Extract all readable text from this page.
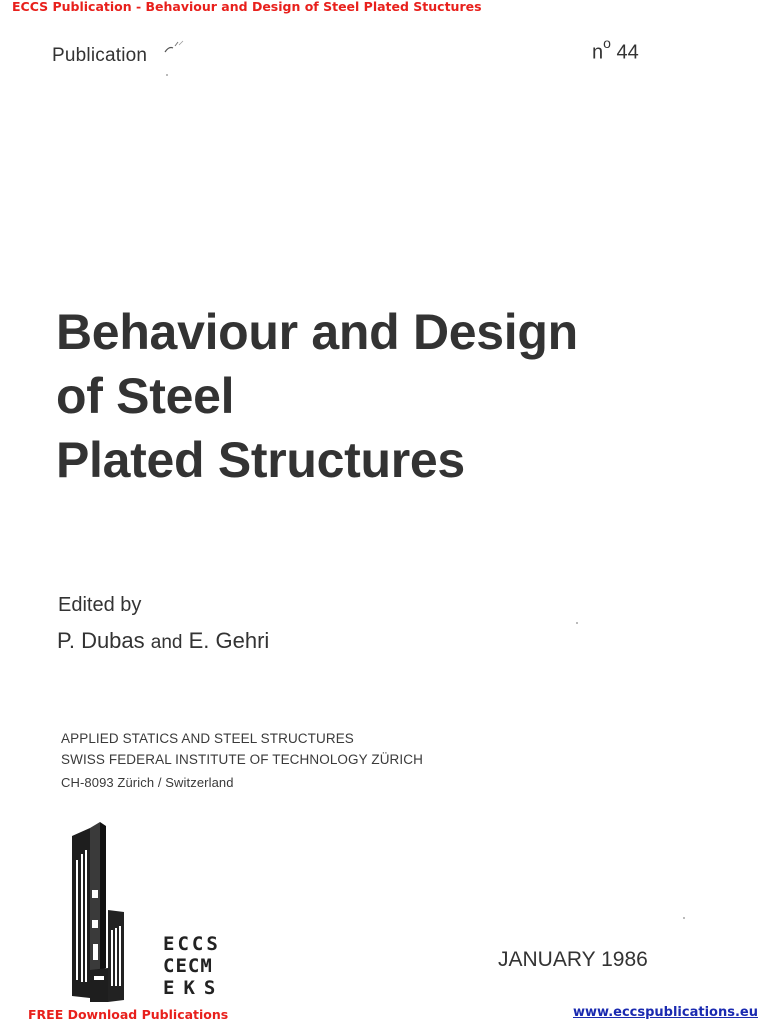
ECCS Publication - Behaviour and Design of Steel Plated Stuctures
Publication	$n^o$ 44
Behaviour and Design
of Steel
Plated Structures
Edited by
P. Dubas and E. Gehri
APPLIED STATICS AND STEEL STRUCTURES
SWISS FEDERAL INSTITUTE OF TECHNOLOGY ZÜRICH
CH-8093 Zürich / Switzerland
ECCS
CECM
EKS
JANUARY 1986
FREE Download Publications	www.eccspublications.eu
